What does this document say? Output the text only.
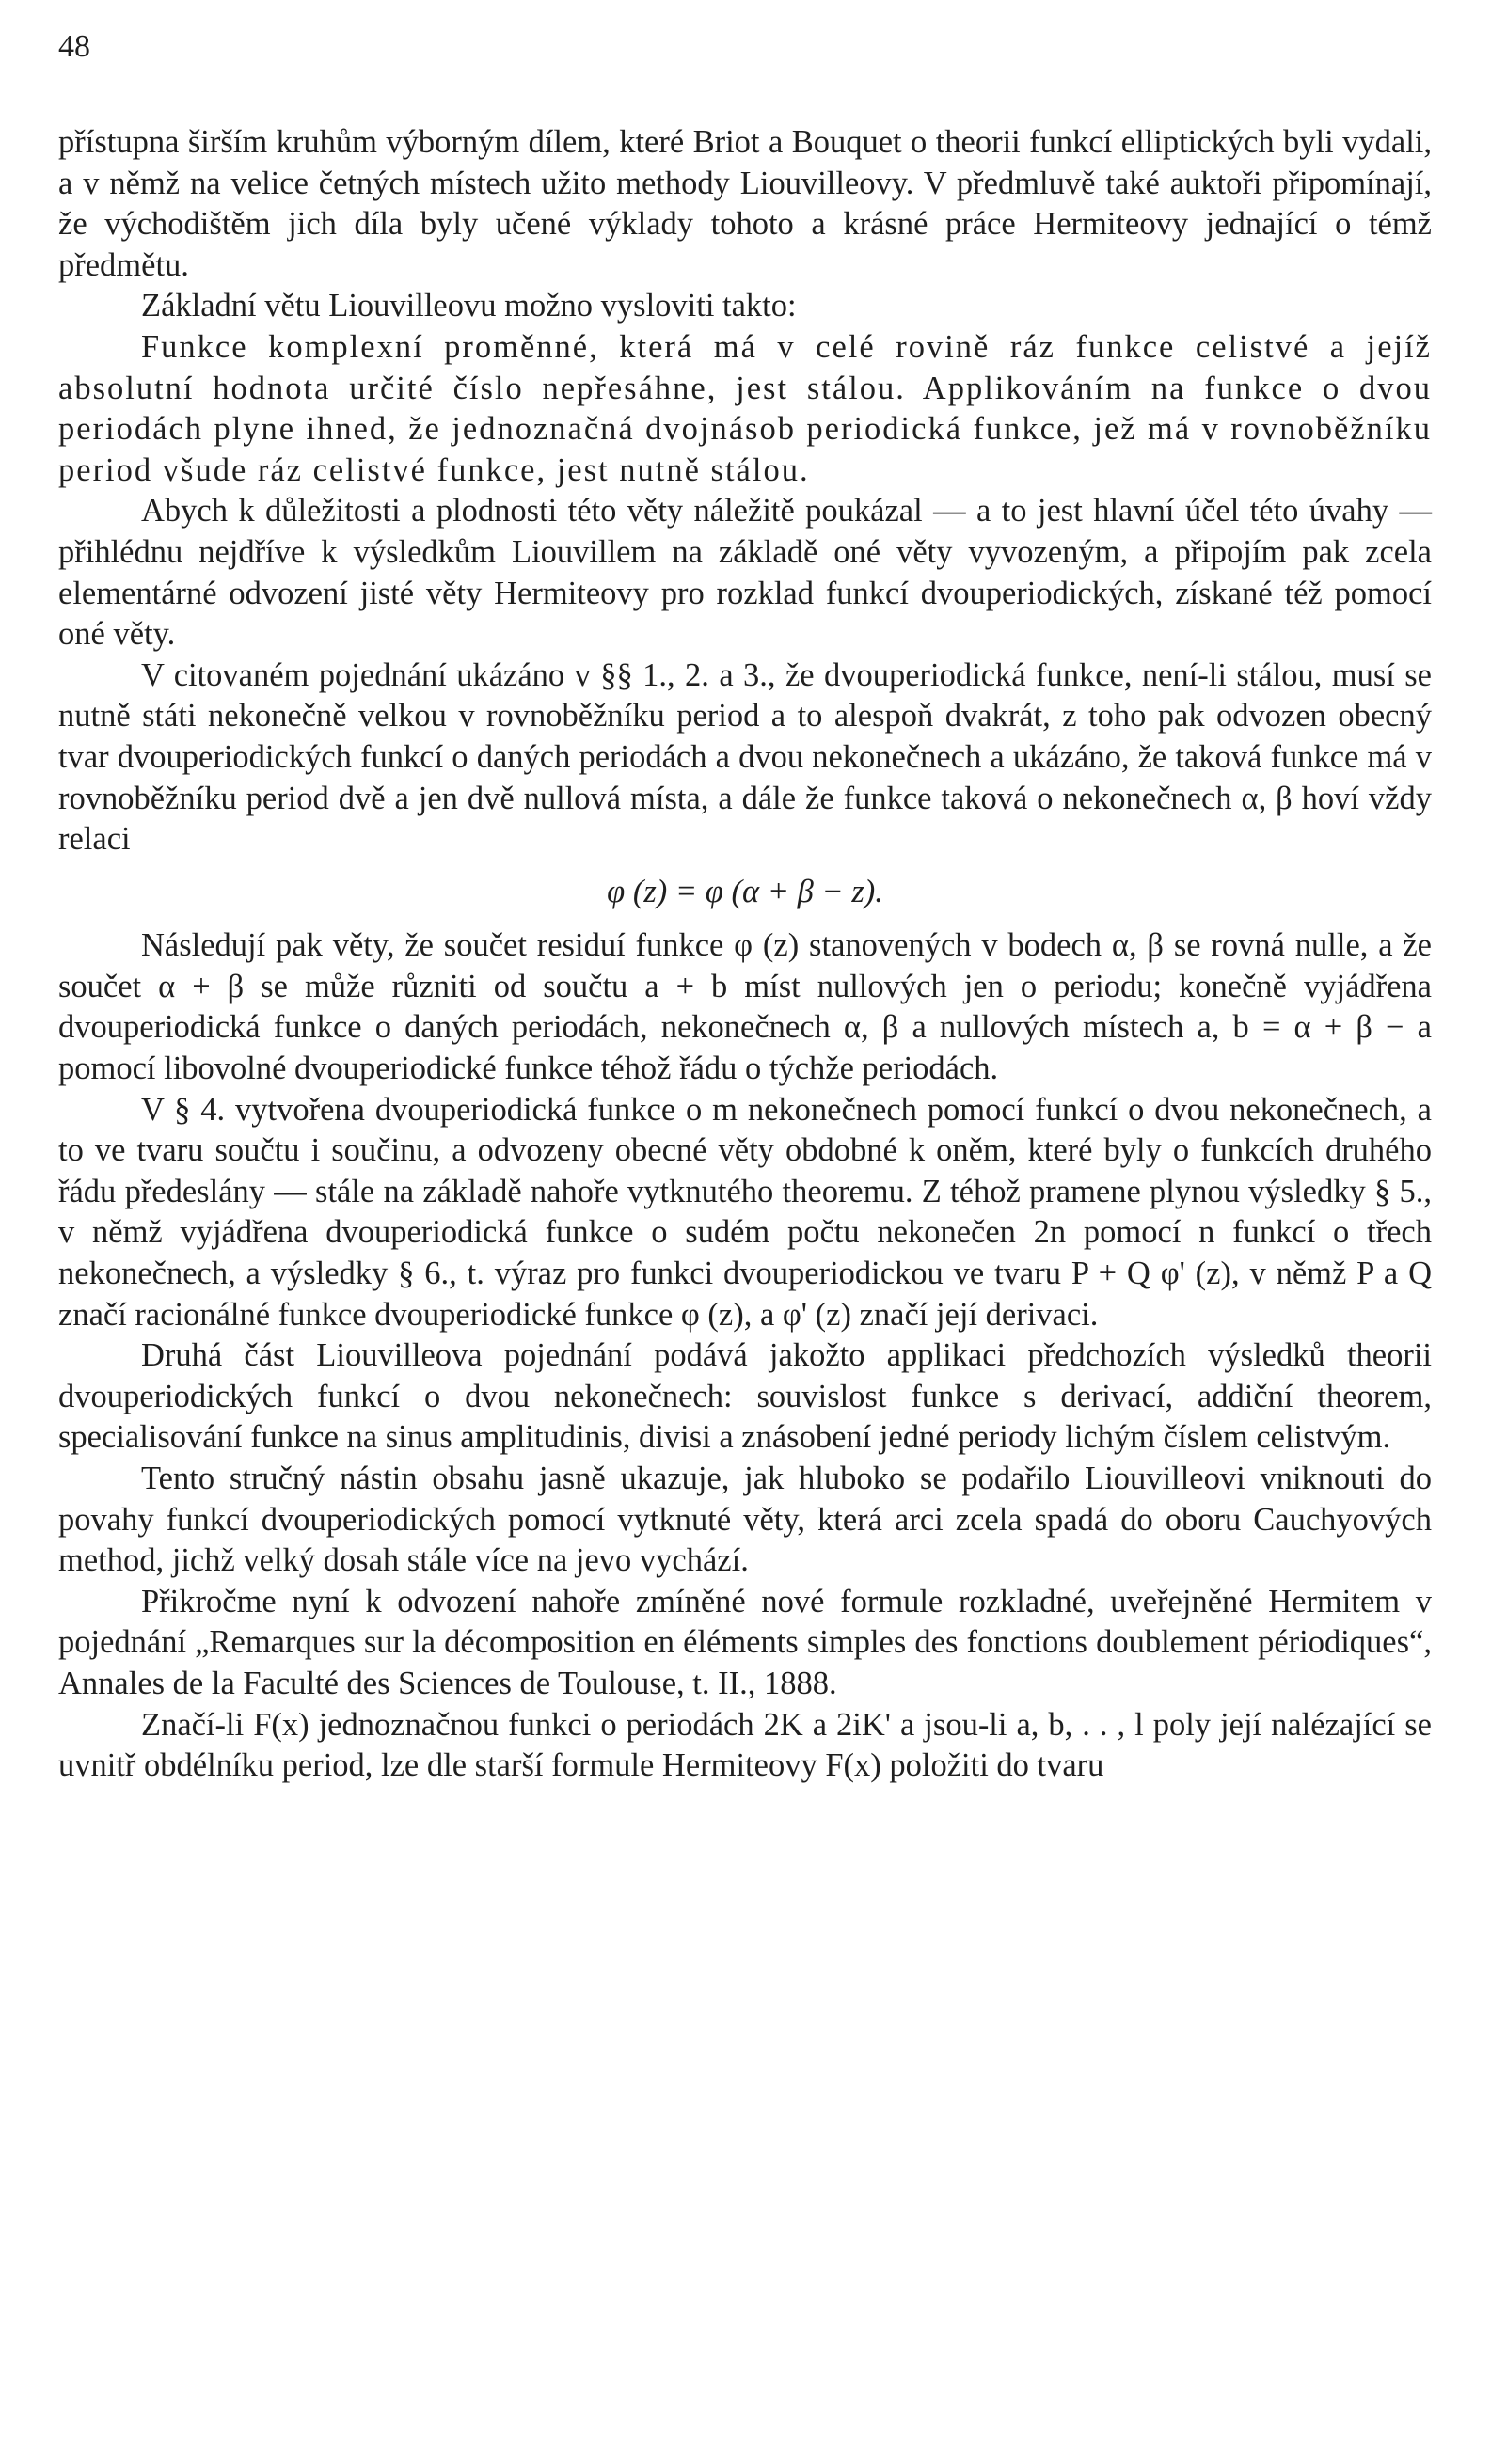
48

přístupna širším kruhům výborným dílem, které Briot a Bouquet o theorii funkcí elliptických byli vydali, a v němž na velice četných místech užito methody Liouvilleovy. V předmluvě také auktoři připomínají, že východištěm jich díla byly učené výklady tohoto a krásné práce Hermiteovy jednající o témž předmětu.

Základní větu Liouvilleovu možno vysloviti takto:

Funkce komplexní proměnné, která má v celé rovině ráz funkce celistvé a jejíž absolutní hodnota určité číslo nepřesáhne, jest stálou. Applikováním na funkce o dvou periodách plyne ihned, že jednoznačná dvojnásob periodická funkce, jež má v rovnoběžníku period všude ráz celistvé funkce, jest nutně stálou.

Abych k důležitosti a plodnosti této věty náležitě poukázal — a to jest hlavní účel této úvahy — přihlédnu nejdříve k výsledkům Liouvillem na základě oné věty vyvozeným, a připojím pak zcela elementárné odvození jisté věty Hermiteovy pro rozklad funkcí dvouperiodických, získané též pomocí oné věty.

V citovaném pojednání ukázáno v §§ 1., 2. a 3., že dvouperiodická funkce, není-li stálou, musí se nutně státi nekonečně velkou v rovnoběžníku period a to alespoň dvakrát, z toho pak odvozen obecný tvar dvouperiodických funkcí o daných periodách a dvou nekonečnech a ukázáno, že taková funkce má v rovnoběžníku period dvě a jen dvě nullová místa, a dále že funkce taková o nekonečnech α, β hoví vždy relaci

φ (z) = φ (α + β − z).

Následují pak věty, že součet residuí funkce φ (z) stanovených v bodech α, β se rovná nulle, a že součet α + β se může různiti od součtu a + b míst nullových jen o periodu; konečně vyjádřena dvouperiodická funkce o daných periodách, nekonečnech α, β a nullových místech a, b = α + β − a pomocí libovolné dvouperiodické funkce téhož řádu o týchže periodách.

V § 4. vytvořena dvouperiodická funkce o m nekonečnech pomocí funkcí o dvou nekonečnech, a to ve tvaru součtu i součinu, a odvozeny obecné věty obdobné k oněm, které byly o funkcích druhého řádu předeslány — stále na základě nahoře vytknutého theoremu. Z téhož pramene plynou výsledky § 5., v němž vyjádřena dvouperiodická funkce o sudém počtu nekonečen 2n pomocí n funkcí o třech nekonečnech, a výsledky § 6., t. výraz pro funkci dvouperiodickou ve tvaru P + Q φ' (z), v němž P a Q značí racionálné funkce dvouperiodické funkce φ (z), a φ' (z) značí její derivaci.

Druhá část Liouvilleova pojednání podává jakožto applikaci předchozích výsledků theorii dvouperiodických funkcí o dvou nekonečnech: souvislost funkce s derivací, addiční theorem, specialisování funkce na sinus amplitudinis, divisi a znásobení jedné periody lichým číslem celistvým.

Tento stručný nástin obsahu jasně ukazuje, jak hluboko se podařilo Liouvilleovi vniknouti do povahy funkcí dvouperiodických pomocí vytknuté věty, která arci zcela spadá do oboru Cauchyových method, jichž velký dosah stále více na jevo vychází.

Přikročme nyní k odvození nahoře zmíněné nové formule rozkladné, uveřejněné Hermitem v pojednání „Remarques sur la décomposition en éléments simples des fonctions doublement périodiques“, Annales de la Faculté des Sciences de Toulouse, t. II., 1888.

Značí-li F(x) jednoznačnou funkci o periodách 2K a 2iK' a jsou-li a, b, . . , l poly její nalézající se uvnitř obdélníku period, lze dle starší formule Hermiteovy F(x) položiti do tvaru
